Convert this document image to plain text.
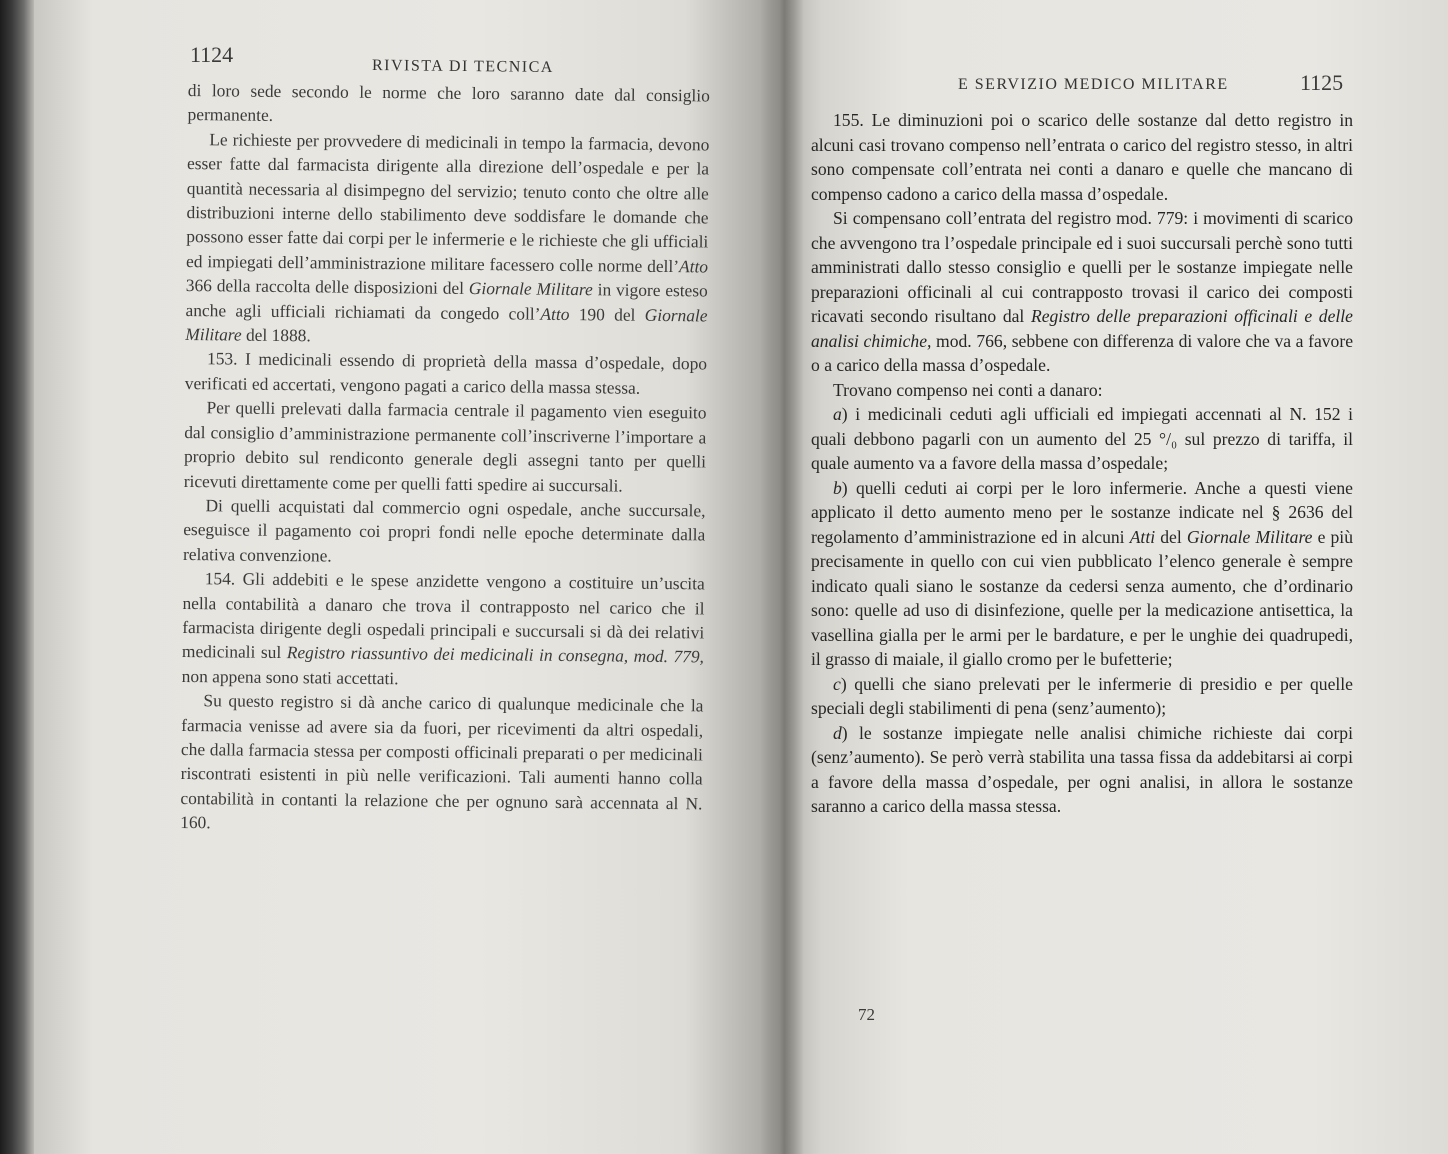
1124	RIVISTA DI TECNICA
E SERVIZIO MEDICO MILITARE	1125

di loro sede secondo le norme che loro saranno date dal consiglio permanente.

Le richieste per provvedere di medicinali in tempo la farmacia, devono esser fatte dal farmacista dirigente alla direzione dell’ospedale e per la quantità necessaria al disimpegno del servizio; tenuto conto che oltre alle distribuzioni interne dello stabilimento deve soddisfare le domande che possono esser fatte dai corpi per le infermerie e le richieste che gli ufficiali ed impiegati dell’amministrazione militare facessero colle norme dell’Atto 366 della raccolta delle disposizioni del Giornale Militare in vigore esteso anche agli ufficiali richiamati da congedo coll’Atto 190 del Giornale Militare del 1888.

153. I medicinali essendo di proprietà della massa d’ospedale, dopo verificati ed accertati, vengono pagati a carico della massa stessa.

Per quelli prelevati dalla farmacia centrale il pagamento vien eseguito dal consiglio d’amministrazione permanente coll’inscriverne l’importare a proprio debito sul rendiconto generale degli assegni tanto per quelli ricevuti direttamente come per quelli fatti spedire ai succursali.

Di quelli acquistati dal commercio ogni ospedale, anche succursale, eseguisce il pagamento coi propri fondi nelle epoche determinate dalla relativa convenzione.

154. Gli addebiti e le spese anzidette vengono a costituire un’uscita nella contabilità a danaro che trova il contrapposto nel carico che il farmacista dirigente degli ospedali principali e succursali si dà dei relativi medicinali sul Registro riassuntivo dei medicinali in consegna, mod. 779, non appena sono stati accettati.

Su questo registro si dà anche carico di qualunque medicinale che la farmacia venisse ad avere sia da fuori, per ricevimenti da altri ospedali, che dalla farmacia stessa per composti officinali preparati o per medicinali riscontrati esistenti in più nelle verificazioni. Tali aumenti hanno colla contabilità in contanti la relazione che per ognuno sarà accennata al N. 160.

155. Le diminuzioni poi o scarico delle sostanze dal detto registro in alcuni casi trovano compenso nell’entrata o carico del registro stesso, in altri sono compensate coll’entrata nei conti a danaro e quelle che mancano di compenso cadono a carico della massa d’ospedale.

Si compensano coll’entrata del registro mod. 779: i movimenti di scarico che avvengono tra l’ospedale principale ed i suoi succursali perchè sono tutti amministrati dallo stesso consiglio e quelli per le sostanze impiegate nelle preparazioni officinali al cui contrapposto trovasi il carico dei composti ricavati secondo risultano dal Registro delle preparazioni officinali e delle analisi chimiche, mod. 766, sebbene con differenza di valore che va a favore o a carico della massa d’ospedale.

Trovano compenso nei conti a danaro:

a) i medicinali ceduti agli ufficiali ed impiegati accennati al N. 152 i quali debbono pagarli con un aumento del 25 °/₀ sul prezzo di tariffa, il quale aumento va a favore della massa d’ospedale;

b) quelli ceduti ai corpi per le loro infermerie. Anche a questi viene applicato il detto aumento meno per le sostanze indicate nel § 2636 del regolamento d’amministrazione ed in alcuni Atti del Giornale Militare e più precisamente in quello con cui vien pubblicato l’elenco generale è sempre indicato quali siano le sostanze da cedersi senza aumento, che d’ordinario sono: quelle ad uso di disinfezione, quelle per la medicazione antisettica, la vasellina gialla per le armi per le bardature, e per le unghie dei quadrupedi, il grasso di maiale, il giallo cromo per le bufetterie;

c) quelli che siano prelevati per le infermerie di presidio e per quelle speciali degli stabilimenti di pena (senz’aumento);

d) le sostanze impiegate nelle analisi chimiche richieste dai corpi (senz’aumento). Se però verrà stabilita una tassa fissa da addebitarsi ai corpi a favore della massa d’ospedale, per ogni analisi, in allora le sostanze saranno a carico della massa stessa.

72
